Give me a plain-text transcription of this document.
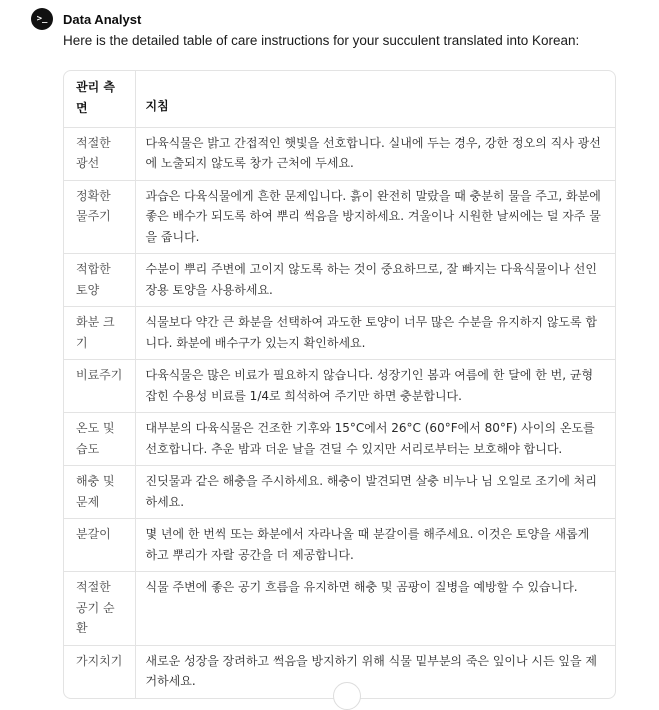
>_	Data Analyst
Here is the detailed table of care instructions for your succulent translated into Korean:
관리 측면	지침
적절한 광선	다육식물은 밝고 간접적인 햇빛을 선호합니다. 실내에 두는 경우, 강한 정오의 직사 광선에 노출되지 않도록 창가 근처에 두세요.
정확한 물주기	과습은 다육식물에게 흔한 문제입니다. 흙이 완전히 말랐을 때 충분히 물을 주고, 화분에 좋은 배수가 되도록 하여 뿌리 썩음을 방지하세요. 겨울이나 시원한 날씨에는 덜 자주 물을 줍니다.
적합한 토양	수분이 뿌리 주변에 고이지 않도록 하는 것이 중요하므로, 잘 빠지는 다육식물이나 선인장용 토양을 사용하세요.
화분 크기	식물보다 약간 큰 화분을 선택하여 과도한 토양이 너무 많은 수분을 유지하지 않도록 합니다. 화분에 배수구가 있는지 확인하세요.
비료주기	다육식물은 많은 비료가 필요하지 않습니다. 성장기인 봄과 여름에 한 달에 한 번, 균형 잡힌 수용성 비료를 1/4로 희석하여 주기만 하면 충분합니다.
온도 및 습도	대부분의 다육식물은 건조한 기후와 15°C에서 26°C (60°F에서 80°F) 사이의 온도를 선호합니다. 추운 밤과 더운 날을 견딜 수 있지만 서리로부터는 보호해야 합니다.
해충 및 문제	진딧물과 같은 해충을 주시하세요. 해충이 발견되면 살충 비누나 님 오일로 조기에 처리하세요.
분갈이	몇 년에 한 번씩 또는 화분에서 자라나올 때 분갈이를 해주세요. 이것은 토양을 새롭게 하고 뿌리가 자랄 공간을 더 제공합니다.
적절한 공기 순환	식물 주변에 좋은 공기 흐름을 유지하면 해충 및 곰팡이 질병을 예방할 수 있습니다.
가지치기	새로운 성장을 장려하고 썩음을 방지하기 위해 식물 밑부분의 죽은 잎이나 시든 잎을 제거하세요.
